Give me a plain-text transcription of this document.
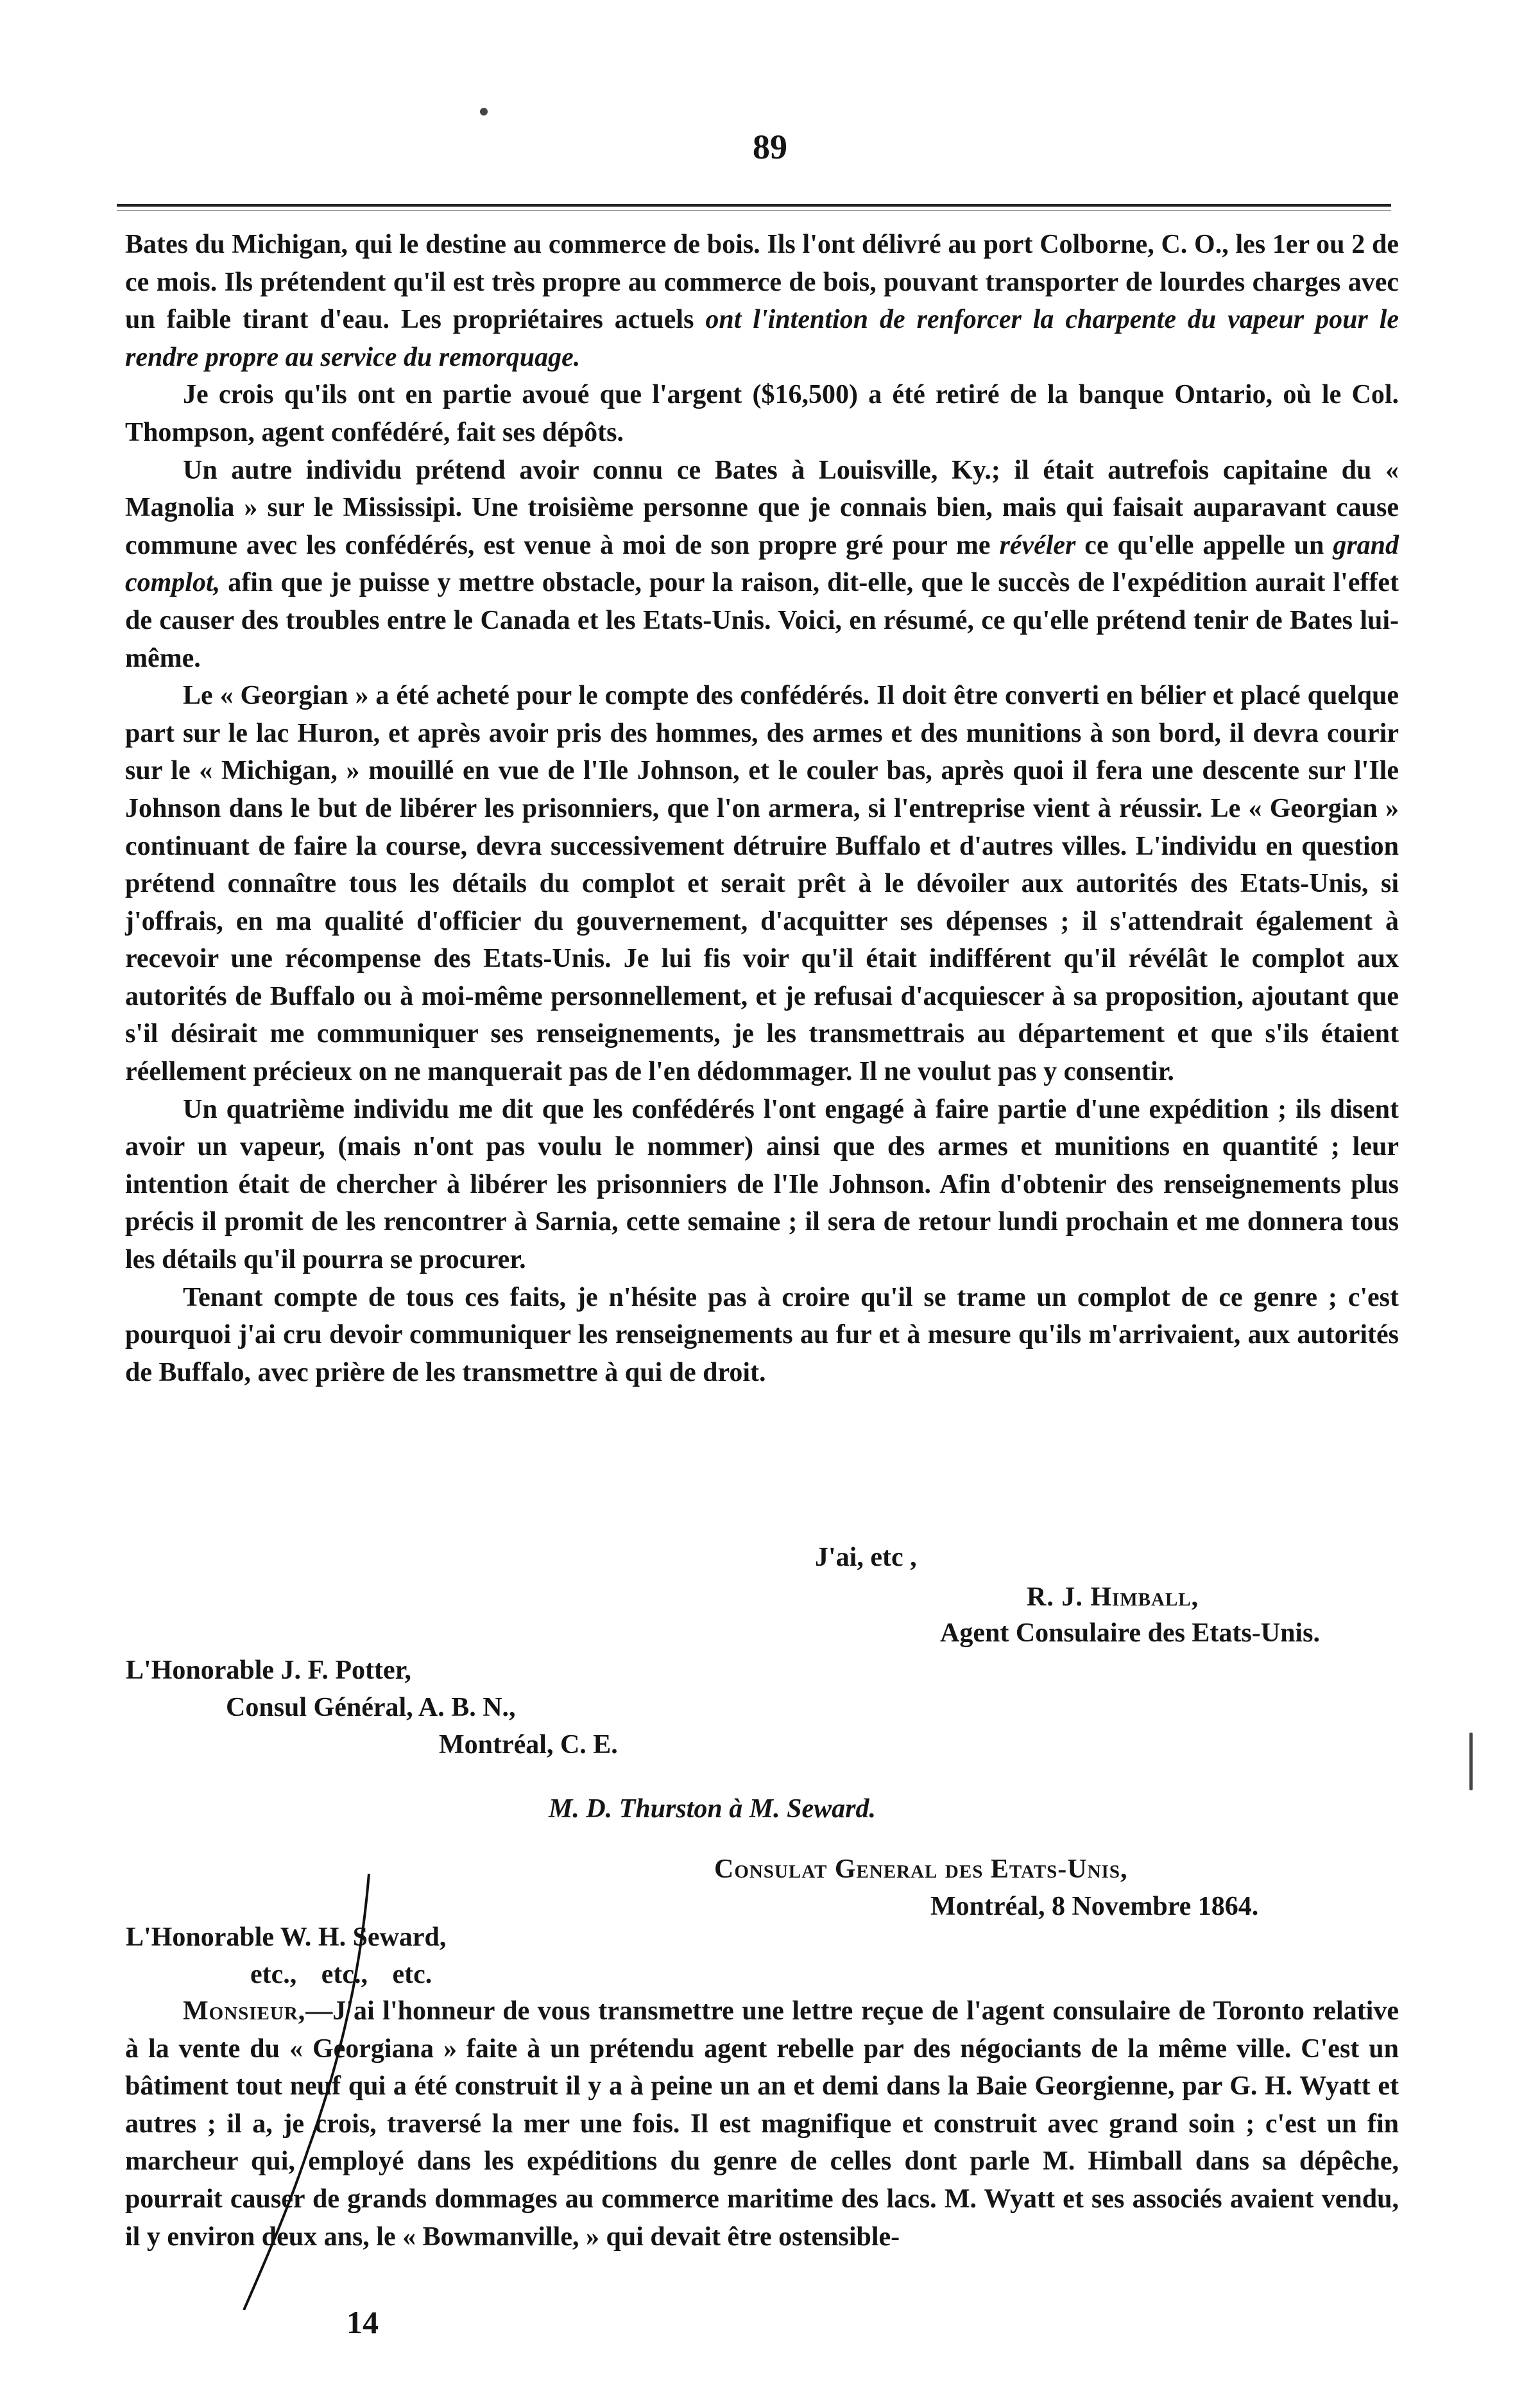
89

Bates du Michigan, qui le destine au commerce de bois. Ils l'ont délivré au port Colborne, C. O., les 1er ou 2 de ce mois. Ils prétendent qu'il est très propre au commerce de bois, pouvant transporter de lourdes charges avec un faible tirant d'eau. Les propriétaires actuels ont l'intention de renforcer la charpente du vapeur pour le rendre propre au service du remorquage.

Je crois qu'ils ont en partie avoué que l'argent ($16,500) a été retiré de la banque Ontario, où le Col. Thompson, agent confédéré, fait ses dépôts.

Un autre individu prétend avoir connu ce Bates à Louisville, Ky.; il était autrefois capitaine du « Magnolia » sur le Mississipi. Une troisième personne que je connais bien, mais qui faisait auparavant cause commune avec les confédérés, est venue à moi de son propre gré pour me révéler ce qu'elle appelle un grand complot, afin que je puisse y mettre obstacle, pour la raison, dit-elle, que le succès de l'expédition aurait l'effet de causer des troubles entre le Canada et les Etats-Unis. Voici, en résumé, ce qu'elle prétend tenir de Bates lui-même.

Le « Georgian » a été acheté pour le compte des confédérés. Il doit être converti en bélier et placé quelque part sur le lac Huron, et après avoir pris des hommes, des armes et des munitions à son bord, il devra courir sur le « Michigan, » mouillé en vue de l'Ile Johnson, et le couler bas, après quoi il fera une descente sur l'Ile Johnson dans le but de libérer les prisonniers, que l'on armera, si l'entreprise vient à réussir. Le « Georgian » continuant de faire la course, devra successivement détruire Buffalo et d'autres villes. L'individu en question prétend connaître tous les détails du complot et serait prêt à le dévoiler aux autorités des Etats-Unis, si j'offrais, en ma qualité d'officier du gouvernement, d'acquitter ses dépenses ; il s'attendrait également à recevoir une récompense des Etats-Unis. Je lui fis voir qu'il était indifférent qu'il révélât le complot aux autorités de Buffalo ou à moi-même personnellement, et je refusai d'acquiescer à sa proposition, ajoutant que s'il désirait me communiquer ses renseignements, je les transmettrais au département et que s'ils étaient réellement précieux on ne manquerait pas de l'en dédommager. Il ne voulut pas y consentir.

Un quatrième individu me dit que les confédérés l'ont engagé à faire partie d'une expédition ; ils disent avoir un vapeur, (mais n'ont pas voulu le nommer) ainsi que des armes et munitions en quantité ; leur intention était de chercher à libérer les prisonniers de l'Ile Johnson. Afin d'obtenir des renseignements plus précis il promit de les rencontrer à Sarnia, cette semaine ; il sera de retour lundi prochain et me donnera tous les détails qu'il pourra se procurer.

Tenant compte de tous ces faits, je n'hésite pas à croire qu'il se trame un complot de ce genre ; c'est pourquoi j'ai cru devoir communiquer les renseignements au fur et à mesure qu'ils m'arrivaient, aux autorités de Buffalo, avec prière de les transmettre à qui de droit.

J'ai, etc ,
R. J. Himball,
Agent Consulaire des Etats-Unis.
L'Honorable J. F. Potter,
Consul Général, A. B. N.,
Montréal, C. E.
M. D. Thurston à M. Seward.
Consulat General des Etats-Unis,
Montréal, 8 Novembre 1864.
L'Honorable W. H. Seward,
etc., etc., etc.

Monsieur,—J'ai l'honneur de vous transmettre une lettre reçue de l'agent consulaire de Toronto relative à la vente du « Georgiana » faite à un prétendu agent rebelle par des négociants de la même ville. C'est un bâtiment tout neuf qui a été construit il y a à peine un an et demi dans la Baie Georgienne, par G. H. Wyatt et autres ; il a, je crois, traversé la mer une fois. Il est magnifique et construit avec grand soin ; c'est un fin marcheur qui, employé dans les expéditions du genre de celles dont parle M. Himball dans sa dépêche, pourrait causer de grands dommages au commerce maritime des lacs. M. Wyatt et ses associés avaient vendu, il y environ deux ans, le « Bowmanville, » qui devait être ostensible-

14
